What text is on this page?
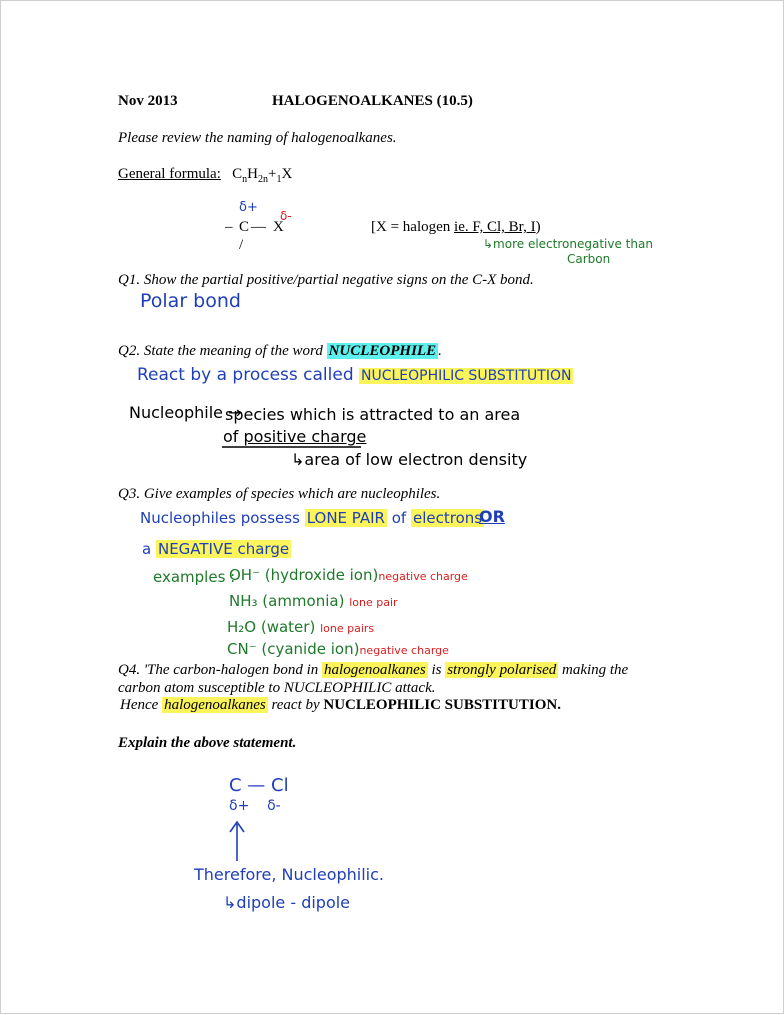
Nov 2013	HALOGENOALKANES (10.5)
Please review the naming of halogenoalkanes.
General formula: $C_nH_{2n}+_1X$
– C — X
/
δ+
δ-
[X = halogen ie. F, Cl, Br, I)
↳more electronegative than
Carbon
Q1. Show the partial positive/partial negative signs on the C-X bond.
Polar bond
Q2. State the meaning of the word NUCLEOPHILE .
React by a process called NUCLEOPHILIC SUBSTITUTION
Nucleophile →
species which is attracted to an area
of positive charge
↳area of low electron density
Q3. Give examples of species which are nucleophiles.
Nucleophiles possess LONE PAIR of electrons
OR
a NEGATIVE charge
examples :
OH⁻ (hydroxide ion)negative charge
NH₃ (ammonia) lone pair
H₂O (water) lone pairs
CN⁻ (cyanide ion)negative charge
Q4. 'The carbon-halogen bond in halogenoalkanes is strongly polarised making the
carbon atom susceptible to NUCLEOPHILIC attack.
Hence halogenoalkanes react by NUCLEOPHILIC SUBSTITUTION.
Explain the above statement.
C — Cl
δ+    δ-
Therefore, Nucleophilic.
↳dipole - dipole
